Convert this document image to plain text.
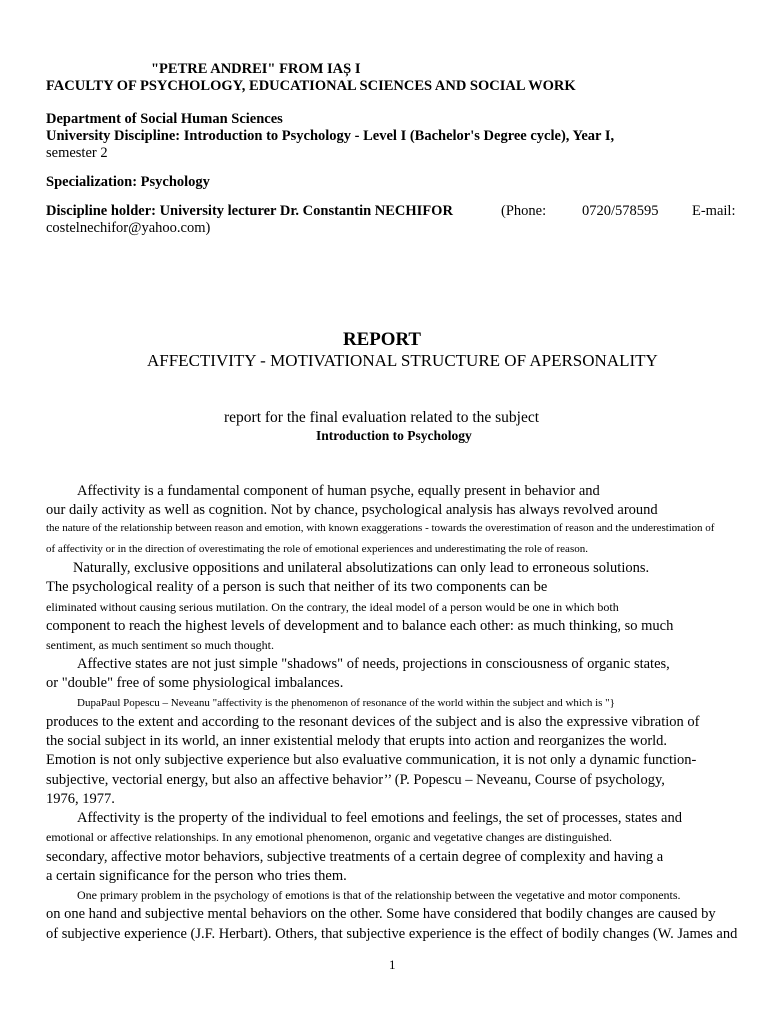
"PETRE ANDREI" FROM IAȘ I
FACULTY OF PSYCHOLOGY, EDUCATIONAL SCIENCES AND SOCIAL WORK
Department of Social Human Sciences
University Discipline: Introduction to Psychology - Level I (Bachelor's Degree cycle), Year I,
semester 2
Specialization: Psychology
Discipline holder: University lecturer Dr. Constantin NECHIFOR	(Phone: 0720/578595 E-mail:
costelnechifor@yahoo.com)
REPORT
AFFECTIVITY - MOTIVATIONAL STRUCTURE OF APERSONALITY
report for the final evaluation related to the subject
Introduction to Psychology
Affectivity is a fundamental component of human psyche, equally present in behavior and
our daily activity as well as cognition. Not by chance, psychological analysis has always revolved around
the nature of the relationship between reason and emotion, with known exaggerations - towards the overestimation of reason and the underestimation of
of affectivity or in the direction of overestimating the role of emotional experiences and underestimating the role of reason.
Naturally, exclusive oppositions and unilateral absolutizations can only lead to erroneous solutions.
The psychological reality of a person is such that neither of its two components can be
eliminated without causing serious mutilation. On the contrary, the ideal model of a person would be one in which both
component to reach the highest levels of development and to balance each other: as much thinking, so much
sentiment, as much sentiment so much thought.
Affective states are not just simple "shadows" of needs, projections in consciousness of organic states,
or "double" free of some physiological imbalances.
DupaPaul Popescu – Neveanu "affectivity is the phenomenon of resonance of the world within the subject and which is "}
produces to the extent and according to the resonant devices of the subject and is also the expressive vibration of
the social subject in its world, an inner existential melody that erupts into action and reorganizes the world.
Emotion is not only subjective experience but also evaluative communication, it is not only a dynamic function-
subjective, vectorial energy, but also an affective behavior’’ (P. Popescu – Neveanu, Course of psychology,
1976, 1977.
Affectivity is the property of the individual to feel emotions and feelings, the set of processes, states and
emotional or affective relationships. In any emotional phenomenon, organic and vegetative changes are distinguished.
secondary, affective motor behaviors, subjective treatments of a certain degree of complexity and having a
a certain significance for the person who tries them.
One primary problem in the psychology of emotions is that of the relationship between the vegetative and motor components.
on one hand and subjective mental behaviors on the other. Some have considered that bodily changes are caused by
of subjective experience (J.F. Herbart). Others, that subjective experience is the effect of bodily changes (W. James and
1
